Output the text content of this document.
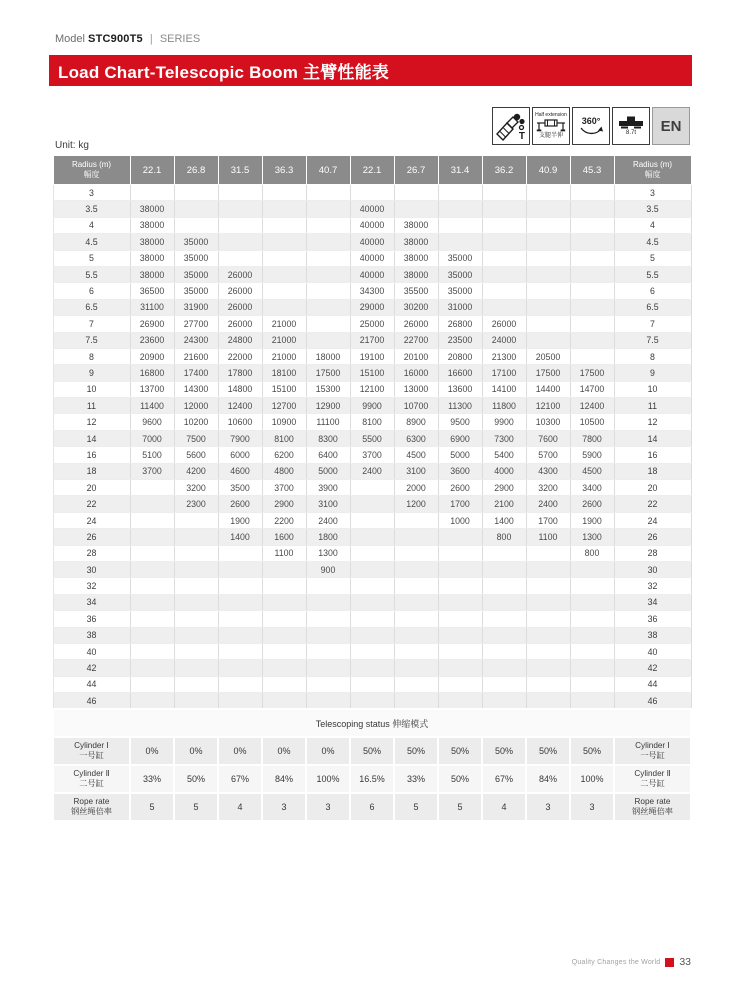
Model STC900T5 | SERIES
Load Chart-Telescopic Boom 主臂性能表
T
Half extension
支腿半伸
360°
8.7t EN
Unit: kg
Radius (m)
幅度	22.1	26.8	31.5	36.3	40.7	22.1	26.7	31.4	36.2	40.9	45.3	Radius (m)
幅度

3												3
3.5	38000					40000						3.5
4	38000					40000	38000					4
4.5	38000	35000				40000	38000					4.5
5	38000	35000				40000	38000	35000				5
5.5	38000	35000	26000			40000	38000	35000				5.5
6	36500	35000	26000			34300	35500	35000				6
6.5	31100	31900	26000			29000	30200	31000				6.5
7	26900	27700	26000	21000		25000	26000	26800	26000			7
7.5	23600	24300	24800	21000		21700	22700	23500	24000			7.5
8	20900	21600	22000	21000	18000	19100	20100	20800	21300	20500		8
9	16800	17400	17800	18100	17500	15100	16000	16600	17100	17500	17500	9
10	13700	14300	14800	15100	15300	12100	13000	13600	14100	14400	14700	10
11	11400	12000	12400	12700	12900	9900	10700	11300	11800	12100	12400	11
12	9600	10200	10600	10900	11100	8100	8900	9500	9900	10300	10500	12
14	7000	7500	7900	8100	8300	5500	6300	6900	7300	7600	7800	14
16	5100	5600	6000	6200	6400	3700	4500	5000	5400	5700	5900	16
18	3700	4200	4600	4800	5000	2400	3100	3600	4000	4300	4500	18
20		3200	3500	3700	3900		2000	2600	2900	3200	3400	20
22		2300	2600	2900	3100		1200	1700	2100	2400	2600	22
24			1900	2200	2400			1000	1400	1700	1900	24
26			1400	1600	1800				800	1100	1300	26
28				1100	1300						800	28
30					900							30
32												32
34												34
36												36
38												38
40												40
42												42
44												44
46												46
Telescoping status 伸缩模式												

Cylinder Ⅰ
一号缸	0%	0%	0%	0%	0%	50%	50%	50%	50%	50%	50%	Cylinder Ⅰ
一号缸

Cylinder Ⅱ
二号缸	33%	50%	67%	84%	100%	16.5%	33%	50%	67%	84%	100%	Cylinder Ⅱ
二号缸

Rope rate
钢丝绳倍率	5	5	4	3	3	6	5	5	4	3	3	Rope rate
钢丝绳倍率
Quality Changes the World 33
